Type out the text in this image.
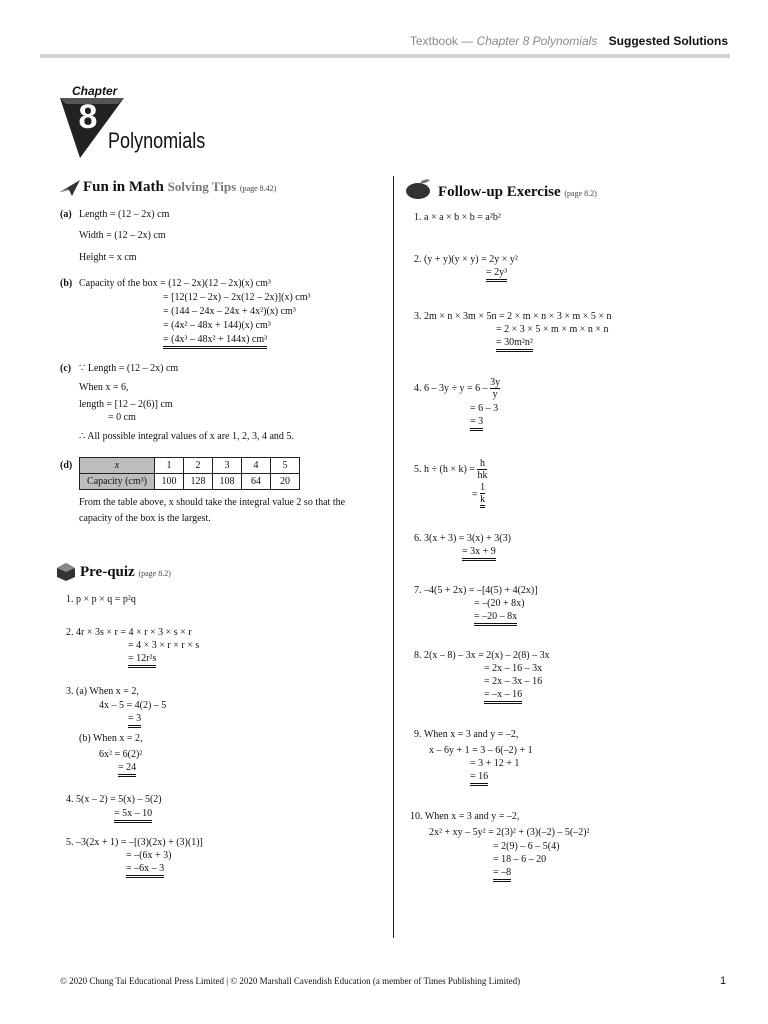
Textbook — Chapter 8 Polynomials Suggested Solutions
Chapter
8
Polynomials
Fun in Math Solving Tips (page 8.42)
(a) Length = (12 – 2x) cm
Width = (12 – 2x) cm
Height = x cm
(b) Capacity of the box = (12 – 2x)(12 – 2x)(x) cm³
= [12(12 – 2x) – 2x(12 – 2x)](x) cm³
= (144 – 24x – 24x + 4x²)(x) cm³
= (4x² – 48x + 144)(x) cm³
= (4x³ – 48x² + 144x) cm³
(c) ∵ Length = (12 – 2x) cm
When x = 6,
length = [12 – 2(6)] cm
= 0 cm
∴ All possible integral values of x are 1, 2, 3, 4 and 5.
(d)	x	1	2	3	4	5
Capacity (cm³)	100	128	108	64	20
From the table above, x should take the integral value 2 so that the
capacity of the box is the largest.
Pre-quiz (page 8.2)
1. p × p × q = p²q
2. 4r × 3s × r = 4 × r × 3 × s × r
= 4 × 3 × r × r × s
= 12r²s
3. (a) When x = 2,
4x – 5 = 4(2) – 5
= 3
(b) When x = 2,
6x² = 6(2)²
= 24
4. 5(x – 2) = 5(x) – 5(2)
= 5x – 10
5. –3(2x + 1) = –[(3)(2x) + (3)(1)]
= –(6x + 3)
= –6x – 3
Follow-up Exercise (page 8.2)
1. a × a × b × b = a²b²
2. (y + y)(y × y) = 2y × y²
= 2y³
3. 2m × n × 3m × 5n = 2 × m × n × 3 × m × 5 × n
= 2 × 3 × 5 × m × m × n × n
= 30m²n²
4. $6 - 3y \div y = 6 - \frac{3y}{y}$
= 6 – 3
= 3
5. $h \div (h \times k) = \frac{h}{hk}$
= $\frac{1}{k}$
6. 3(x + 3) = 3(x) + 3(3)
= 3x + 9
7. –4(5 + 2x) = –[4(5) + 4(2x)]
= –(20 + 8x)
= –20 – 8x
8. 2(x – 8) – 3x = 2(x) – 2(8) – 3x
= 2x – 16 – 3x
= 2x – 3x – 16
= –x – 16
9. When x = 3 and y = –2,
x – 6y + 1 = 3 – 6(–2) + 1
= 3 + 12 + 1
= 16
10. When x = 3 and y = –2,
2x² + xy – 5y² = 2(3)² + (3)(–2) – 5(–2)²
= 2(9) – 6 – 5(4)
= 18 – 6 – 20
= –8
© 2020 Chung Tai Educational Press Limited | © 2020 Marshall Cavendish Education (a member of Times Publishing Limited)	1
